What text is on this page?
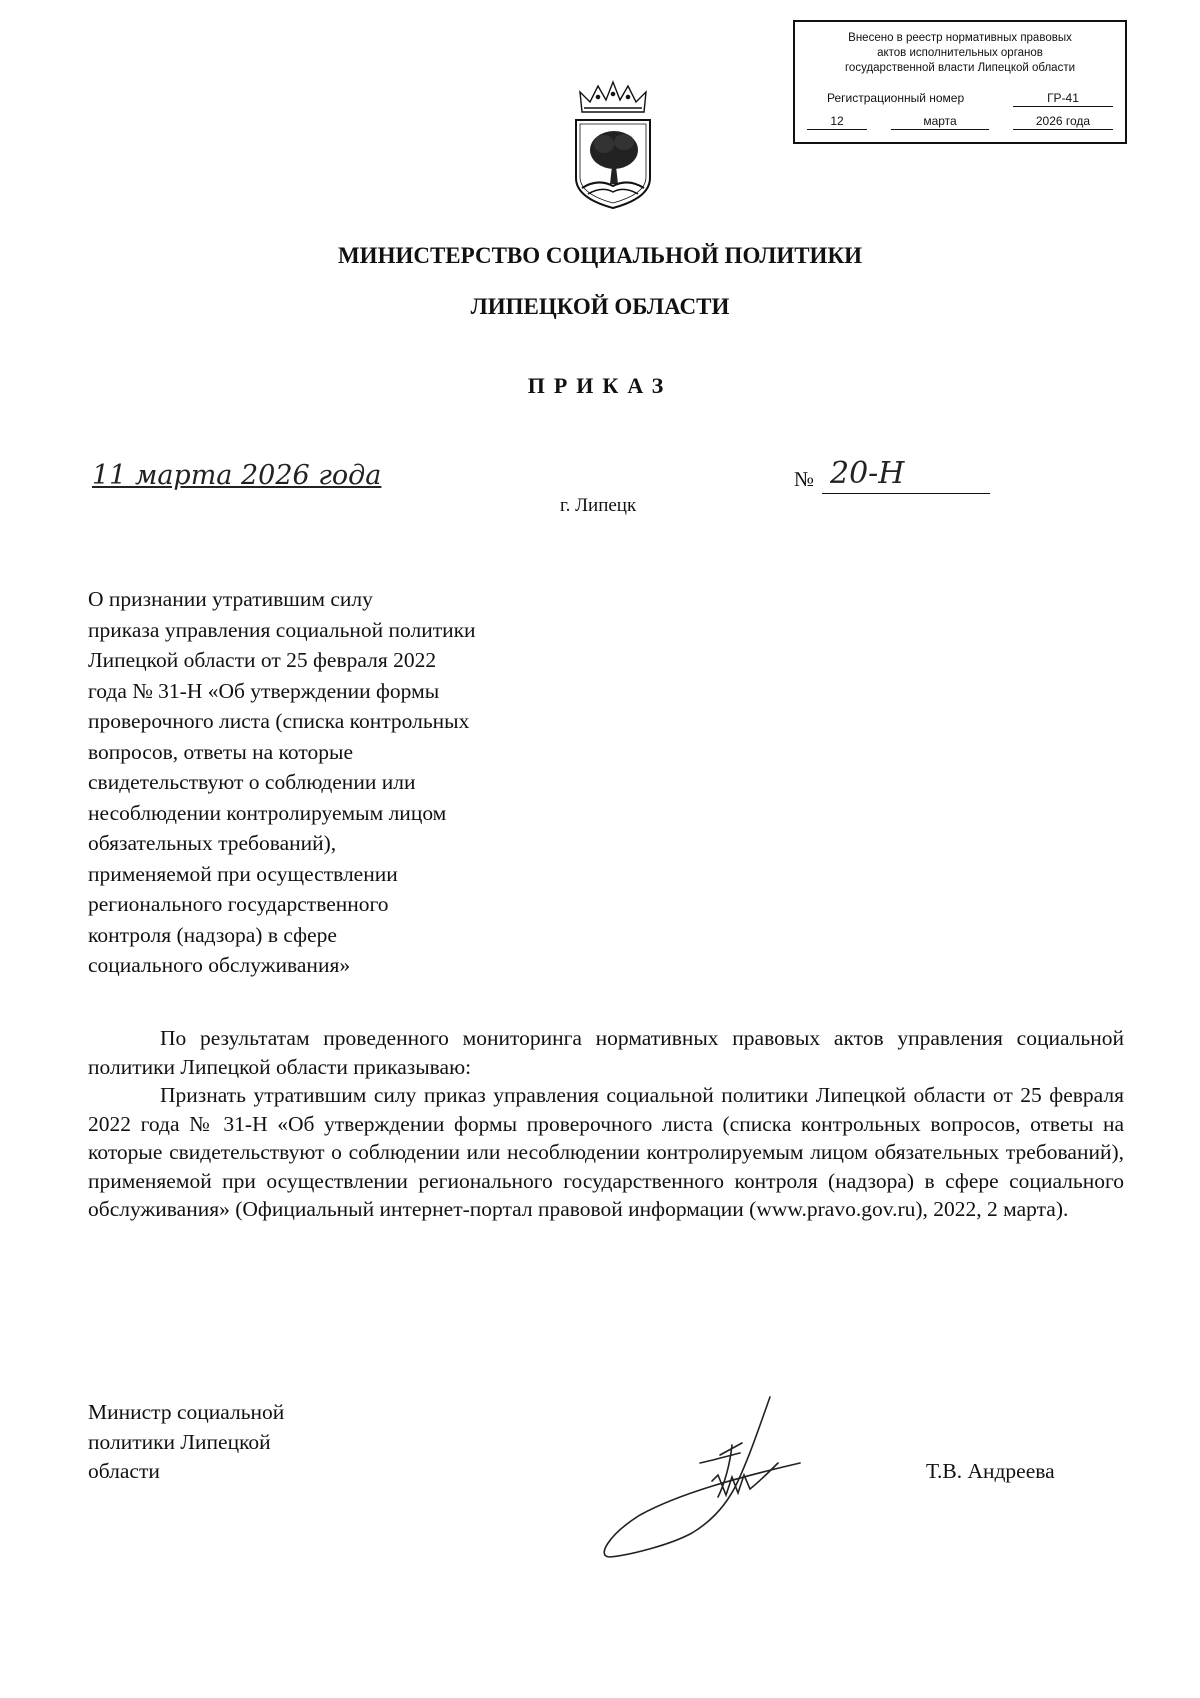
Внесено в реестр нормативных правовых
актов исполнительных органов
государственной власти Липецкой области
Регистрационный номер	ГР-41
12	марта	2026 года
МИНИСТЕРСТВО СОЦИАЛЬНОЙ ПОЛИТИКИ
ЛИПЕЦКОЙ ОБЛАСТИ
ПРИКАЗ
11 марта 2026 года
г. Липецк
№ 20-Н
О признании утратившим силу
приказа управления социальной политики
Липецкой области от 25 февраля 2022
года № 31-Н «Об утверждении формы
проверочного листа (списка контрольных
вопросов, ответы на которые
свидетельствуют о соблюдении или
несоблюдении контролируемым лицом
обязательных требований),
применяемой при осуществлении
регионального государственного
контроля (надзора) в сфере
социального обслуживания»

По результатам проведенного мониторинга нормативных правовых актов управления социальной политики Липецкой области приказываю:

Признать утратившим силу приказ управления социальной политики Липецкой области от 25 февраля 2022 года № 31-Н «Об утверждении формы проверочного листа (списка контрольных вопросов, ответы на которые свидетельствуют о соблюдении или несоблюдении контролируемым лицом обязательных требований), применяемой при осуществлении регионального государственного контроля (надзора) в сфере социального обслуживания» (Официальный интернет-портал правовой информации (www.pravo.gov.ru), 2022, 2 марта).

Министр социальной
политики Липецкой
области	Т.В. Андреева
